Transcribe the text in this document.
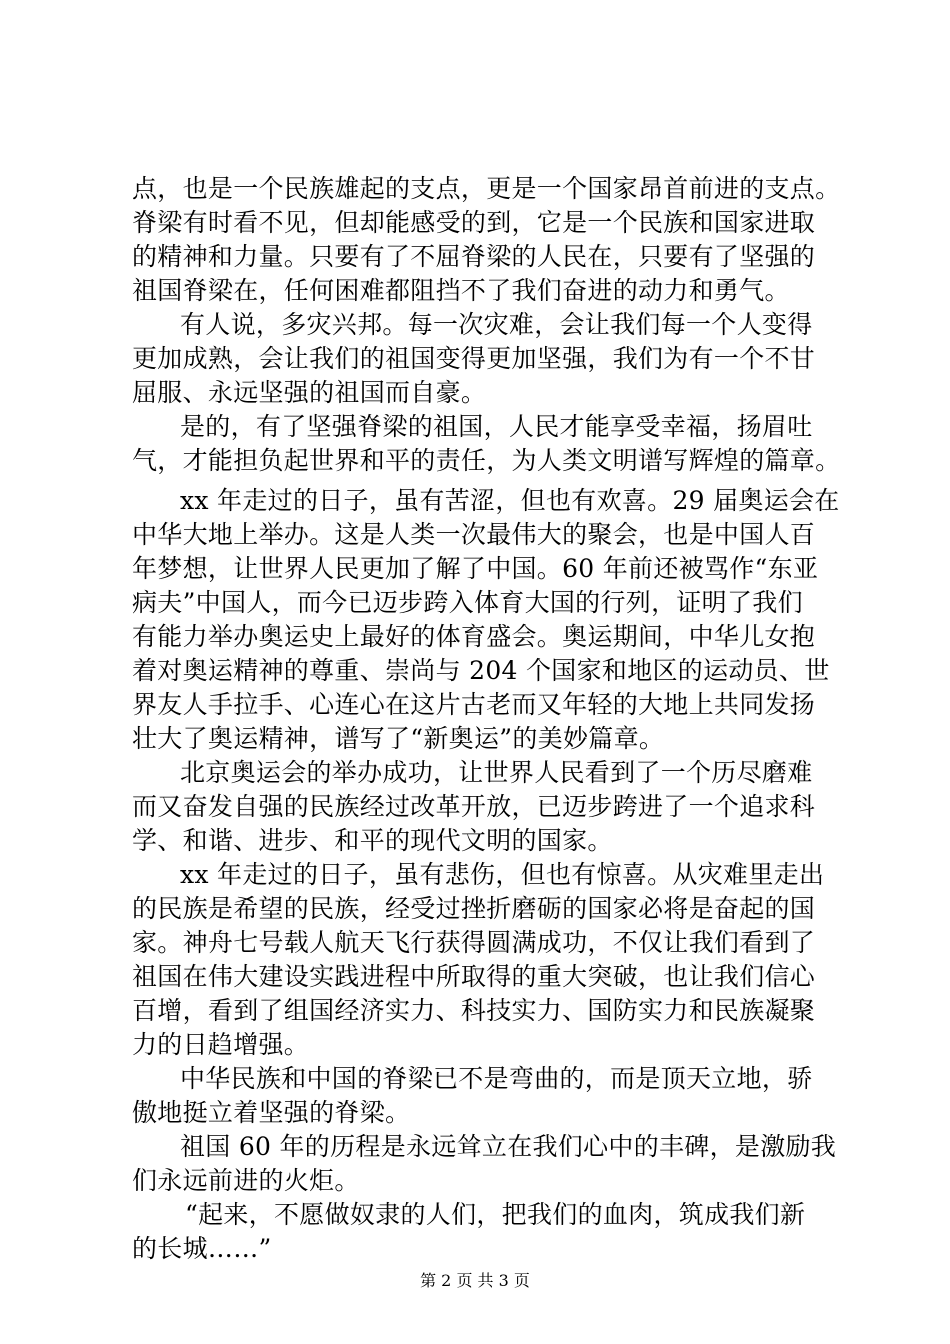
点，也是一个民族雄起的支点，更是一个国家昂首前进的支点。
脊梁有时看不见，但却能感受的到，它是一个民族和国家进取
的精神和力量。只要有了不屈脊梁的人民在，只要有了坚强的
祖国脊梁在，任何困难都阻挡不了我们奋进的动力和勇气。
有人说，多灾兴邦。每一次灾难，会让我们每一个人变得
更加成熟，会让我们的祖国变得更加坚强，我们为有一个不甘
屈服、永远坚强的祖国而自豪。
是的，有了坚强脊梁的祖国，人民才能享受幸福，扬眉吐
气，才能担负起世界和平的责任，为人类文明谱写辉煌的篇章。
xx 年走过的日子，虽有苦涩，但也有欢喜。29 届奥运会在
中华大地上举办。这是人类一次最伟大的聚会，也是中国人百
年梦想，让世界人民更加了解了中国。60 年前还被骂作“东亚
病夫”中国人，而今已迈步跨入体育大国的行列，证明了我们
有能力举办奥运史上最好的体育盛会。奥运期间，中华儿女抱
着对奥运精神的尊重、崇尚与 204 个国家和地区的运动员、世
界友人手拉手、心连心在这片古老而又年轻的大地上共同发扬
壮大了奥运精神，谱写了“新奥运”的美妙篇章。
北京奥运会的举办成功，让世界人民看到了一个历尽磨难
而又奋发自强的民族经过改革开放，已迈步跨进了一个追求科
学、和谐、进步、和平的现代文明的国家。
xx 年走过的日子，虽有悲伤，但也有惊喜。从灾难里走出
的民族是希望的民族，经受过挫折磨砺的国家必将是奋起的国
家。神舟七号载人航天飞行获得圆满成功，不仅让我们看到了
祖国在伟大建设实践进程中所取得的重大突破，也让我们信心
百增，看到了组国经济实力、科技实力、国防实力和民族凝聚
力的日趋增强。
中华民族和中国的脊梁已不是弯曲的，而是顶天立地，骄
傲地挺立着坚强的脊梁。
祖国 60 年的历程是永远耸立在我们心中的丰碑，是激励我
们永远前进的火炬。
“起来，不愿做奴隶的人们，把我们的血肉，筑成我们新
的长城……”
第 2 页 共 3 页
